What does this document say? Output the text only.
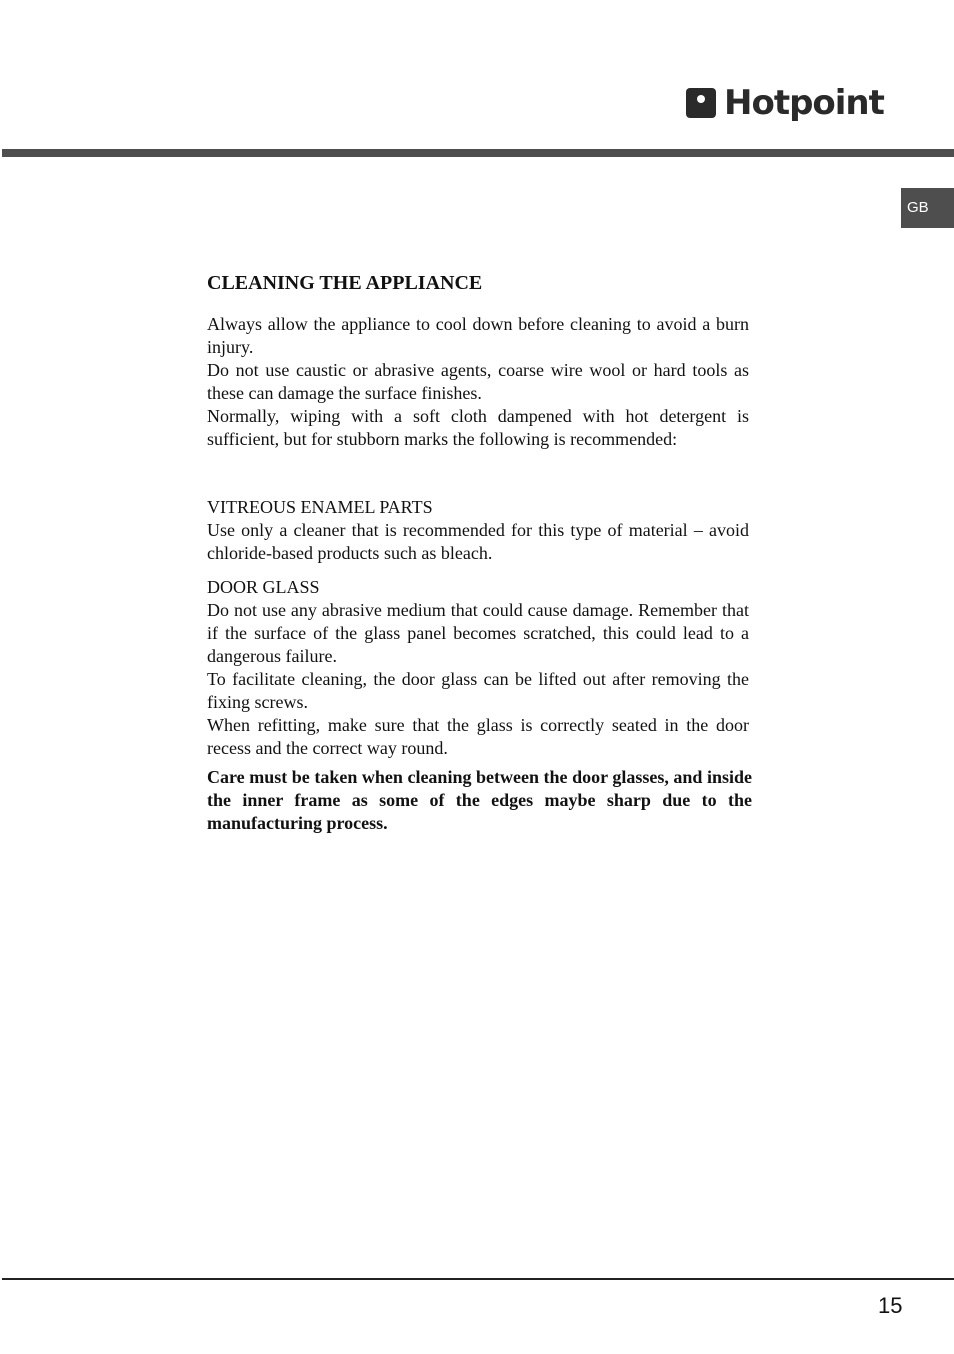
Hotpoint
GB
CLEANING THE APPLIANCE

Always allow the appliance to cool down before cleaning to avoid a burn injury.

Do not use caustic or abrasive agents, coarse wire wool or hard tools as these can damage the surface finishes.

Normally, wiping with a soft cloth dampened with hot detergent is sufficient, but for stubborn marks the following is recommended:

VITREOUS ENAMEL PARTS

Use only a cleaner that is recommended for this type of material – avoid chloride-based products such as bleach.

DOOR GLASS

Do not use any abrasive medium that could cause damage. Remember that if the surface of the glass panel becomes scratched, this could lead to a dangerous failure.

To facilitate cleaning, the door glass can be lifted out after removing the fixing screws.

When refitting, make sure that the glass is correctly seated in the door recess and the correct way round.

Care must be taken when cleaning between the door glasses, and inside the inner frame as some of the edges maybe sharp due to the manufacturing process.

15
